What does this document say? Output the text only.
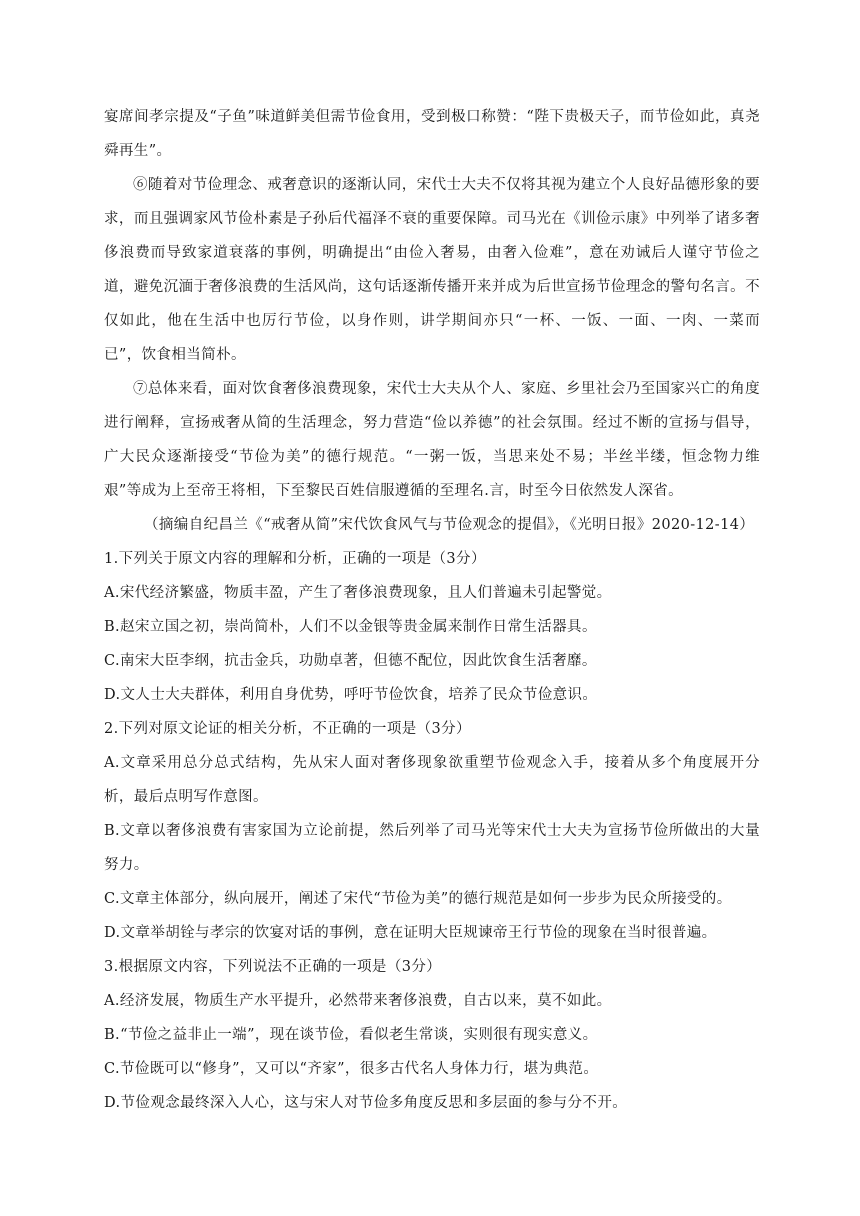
宴席间孝宗提及“子鱼”味道鲜美但需节俭食用，受到极口称赞：“陛下贵极天子，而节俭如此，真尧舜再生”。

⑥随着对节俭理念、戒奢意识的逐渐认同，宋代士大夫不仅将其视为建立个人良好品德形象的要求，而且强调家风节俭朴素是子孙后代福泽不衰的重要保障。司马光在《训俭示康》中列举了诸多奢侈浪费而导致家道衰落的事例，明确提出“由俭入奢易，由奢入俭难”，意在劝诫后人谨守节俭之道，避免沉湎于奢侈浪费的生活风尚，这句话逐渐传播开来并成为后世宣扬节俭理念的警句名言。不仅如此，他在生活中也厉行节俭，以身作则，讲学期间亦只“一杯、一饭、一面、一肉、一菜而已”，饮食相当简朴。

⑦总体来看，面对饮食奢侈浪费现象，宋代士大夫从个人、家庭、乡里社会乃至国家兴亡的角度进行阐释，宣扬戒奢从简的生活理念，努力营造“俭以养德”的社会氛围。经过不断的宣扬与倡导，广大民众逐渐接受“节俭为美”的德行规范。“一粥一饭，当思来处不易；半丝半缕，恒念物力维艰”等成为上至帝王将相，下至黎民百姓信服遵循的至理名.言，时至今日依然发人深省。

（摘编自纪昌兰《“戒奢从简”宋代饮食风气与节俭观念的提倡》，《光明日报》2020-12-14）

1.下列关于原文内容的理解和分析，正确的一项是（3分）

A.宋代经济繁盛，物质丰盈，产生了奢侈浪费现象，且人们普遍未引起警觉。

B.赵宋立国之初，崇尚简朴，人们不以金银等贵金属来制作日常生活器具。

C.南宋大臣李纲，抗击金兵，功勋卓著，但德不配位，因此饮食生活奢靡。

D.文人士大夫群体，利用自身优势，呼吁节俭饮食，培养了民众节俭意识。

2.下列对原文论证的相关分析，不正确的一项是（3分）

A.文章采用总分总式结构，先从宋人面对奢侈现象欲重塑节俭观念入手，接着从多个角度展开分析，最后点明写作意图。

B.文章以奢侈浪费有害家国为立论前提，然后列举了司马光等宋代士大夫为宣扬节俭所做出的大量努力。

C.文章主体部分，纵向展开，阐述了宋代“节俭为美”的德行规范是如何一步步为民众所接受的。

D.文章举胡铨与孝宗的饮宴对话的事例，意在证明大臣规谏帝王行节俭的现象在当时很普遍。

3.根据原文内容，下列说法不正确的一项是（3分）

A.经济发展，物质生产水平提升，必然带来奢侈浪费，自古以来，莫不如此。

B.“节俭之益非止一端”，现在谈节俭，看似老生常谈，实则很有现实意义。

C.节俭既可以“修身”，又可以“齐家”，很多古代名人身体力行，堪为典范。

D.节俭观念最终深入人心，这与宋人对节俭多角度反思和多层面的参与分不开。
